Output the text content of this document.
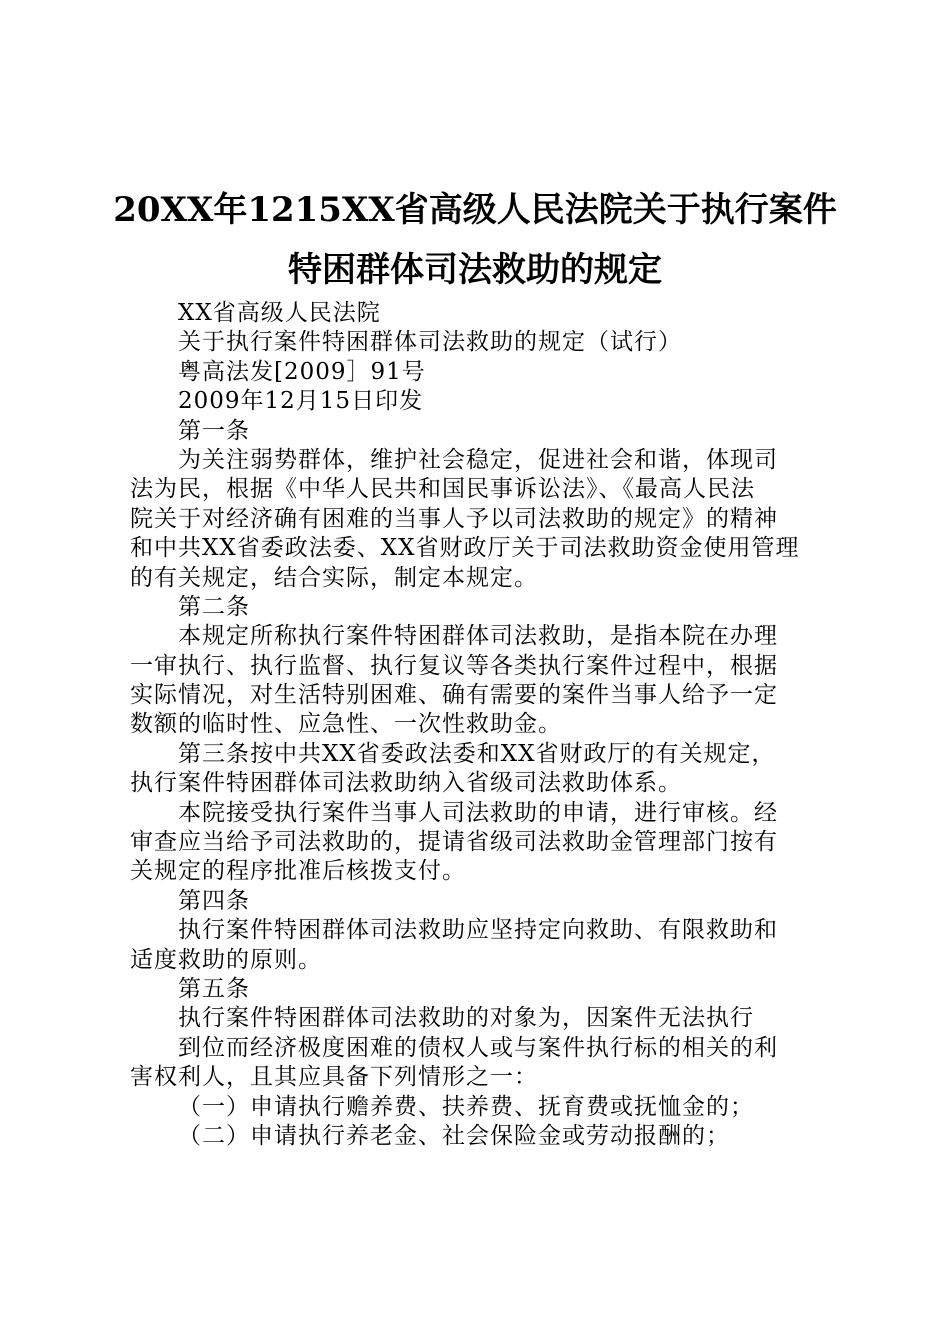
20XX年1215XX省高级人民法院关于执行案件
特困群体司法救助的规定
XX省高级人民法院
关于执行案件特困群体司法救助的规定（试行）
粤高法发[2009］91号
2009年12月15日印发
第一条
为关注弱势群体，维护社会稳定，促进社会和谐，体现司
法为民，根据《中华人民共和国民事诉讼法》、《最高人民法
院关于对经济确有困难的当事人予以司法救助的规定》的精神
和中共XX省委政法委、XX省财政厅关于司法救助资金使用管理
的有关规定，结合实际，制定本规定。
第二条
本规定所称执行案件特困群体司法救助，是指本院在办理
一审执行、执行监督、执行复议等各类执行案件过程中，根据
实际情况，对生活特别困难、确有需要的案件当事人给予一定
数额的临时性、应急性、一次性救助金。
第三条按中共XX省委政法委和XX省财政厅的有关规定，
执行案件特困群体司法救助纳入省级司法救助体系。
本院接受执行案件当事人司法救助的申请，进行审核。经
审查应当给予司法救助的，提请省级司法救助金管理部门按有
关规定的程序批准后核拨支付。
第四条
执行案件特困群体司法救助应坚持定向救助、有限救助和
适度救助的原则。
第五条
执行案件特困群体司法救助的对象为，因案件无法执行
到位而经济极度困难的债权人或与案件执行标的相关的利
害权利人，且其应具备下列情形之一：
（一）申请执行赡养费、扶养费、抚育费或抚恤金的；
（二）申请执行养老金、社会保险金或劳动报酬的；
